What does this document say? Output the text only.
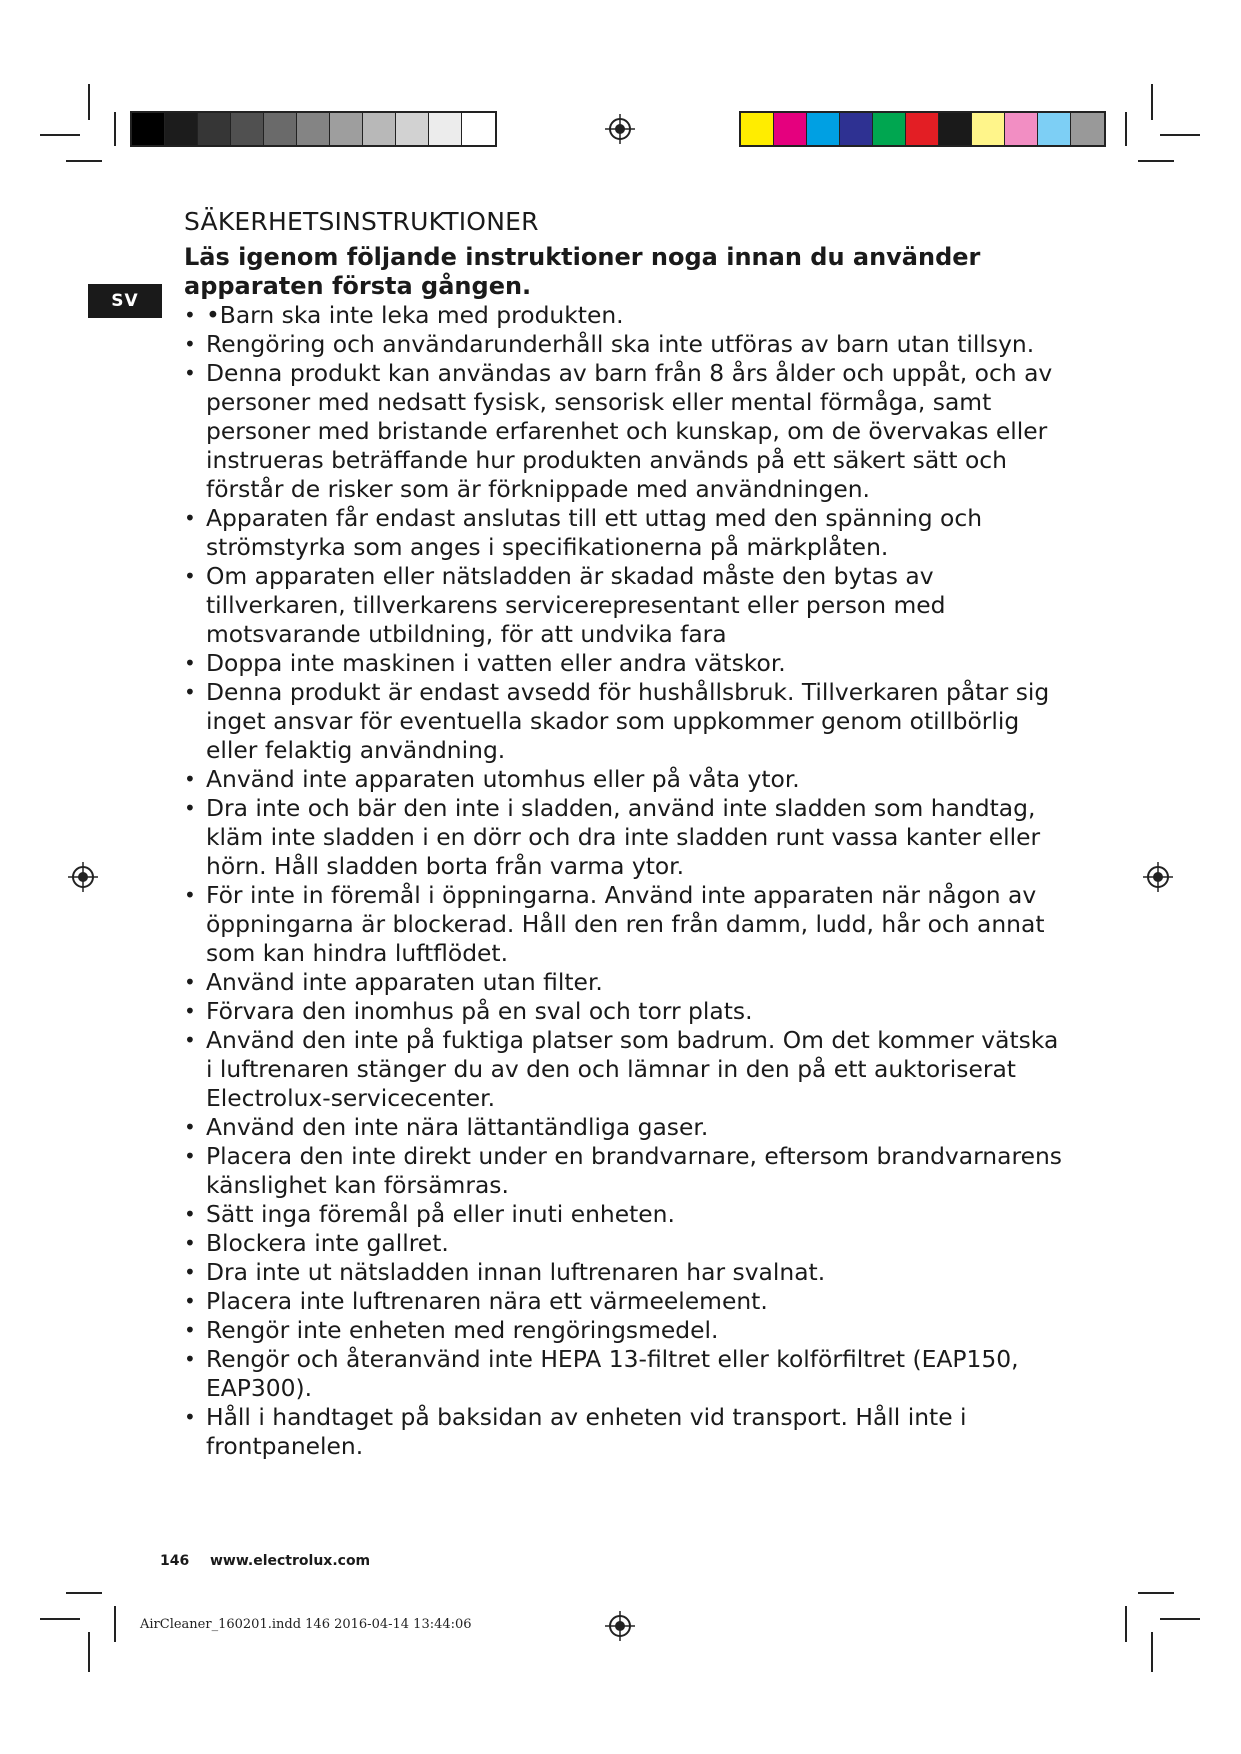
SV
SÄKERHETSINSTRUKTIONER

Läs igenom följande instruktioner noga innan du använder apparaten första gången.

• •Barn ska inte leka med produkten.
• Rengöring och användarunderhåll ska inte utföras av barn utan tillsyn.
• Denna produkt kan användas av barn från 8 års ålder och uppåt, och av personer med nedsatt fysisk, sensorisk eller mental förmåga, samt personer med bristande erfarenhet och kunskap, om de övervakas eller instrueras beträffande hur produkten används på ett säkert sätt och förstår de risker som är förknippade med användningen.
• Apparaten får endast anslutas till ett uttag med den spänning och strömstyrka som anges i specifikationerna på märkplåten.
• Om apparaten eller nätsladden är skadad måste den bytas av tillverkaren, tillverkarens servicerepresentant eller person med motsvarande utbildning, för att undvika fara
• Doppa inte maskinen i vatten eller andra vätskor.
• Denna produkt är endast avsedd för hushållsbruk. Tillverkaren påtar sig inget ansvar för eventuella skador som uppkommer genom otillbörlig eller felaktig användning.
• Använd inte apparaten utomhus eller på våta ytor.
• Dra inte och bär den inte i sladden, använd inte sladden som handtag, kläm inte sladden i en dörr och dra inte sladden runt vassa kanter eller hörn. Håll sladden borta från varma ytor.
• För inte in föremål i öppningarna. Använd inte apparaten när någon av öppningarna är blockerad. Håll den ren från damm, ludd, hår och annat som kan hindra luftflödet.
• Använd inte apparaten utan filter.
• Förvara den inomhus på en sval och torr plats.
• Använd den inte på fuktiga platser som badrum. Om det kommer vätska i luftrenaren stänger du av den och lämnar in den på ett auktoriserat Electrolux-servicecenter.
• Använd den inte nära lättantändliga gaser.
• Placera den inte direkt under en brandvarnare, eftersom brandvarnarens känslighet kan försämras.
• Sätt inga föremål på eller inuti enheten.
• Blockera inte gallret.
• Dra inte ut nätsladden innan luftrenaren har svalnat.
• Placera inte luftrenaren nära ett värmeelement.
• Rengör inte enheten med rengöringsmedel.
• Rengör och återanvänd inte HEPA 13-filtret eller kolförfiltret (EAP150, EAP300).
• Håll i handtaget på baksidan av enheten vid transport. Håll inte i frontpanelen.
146 www.electrolux.com
AirCleaner_160201.indd 146 2016-04-14 13:44:06
